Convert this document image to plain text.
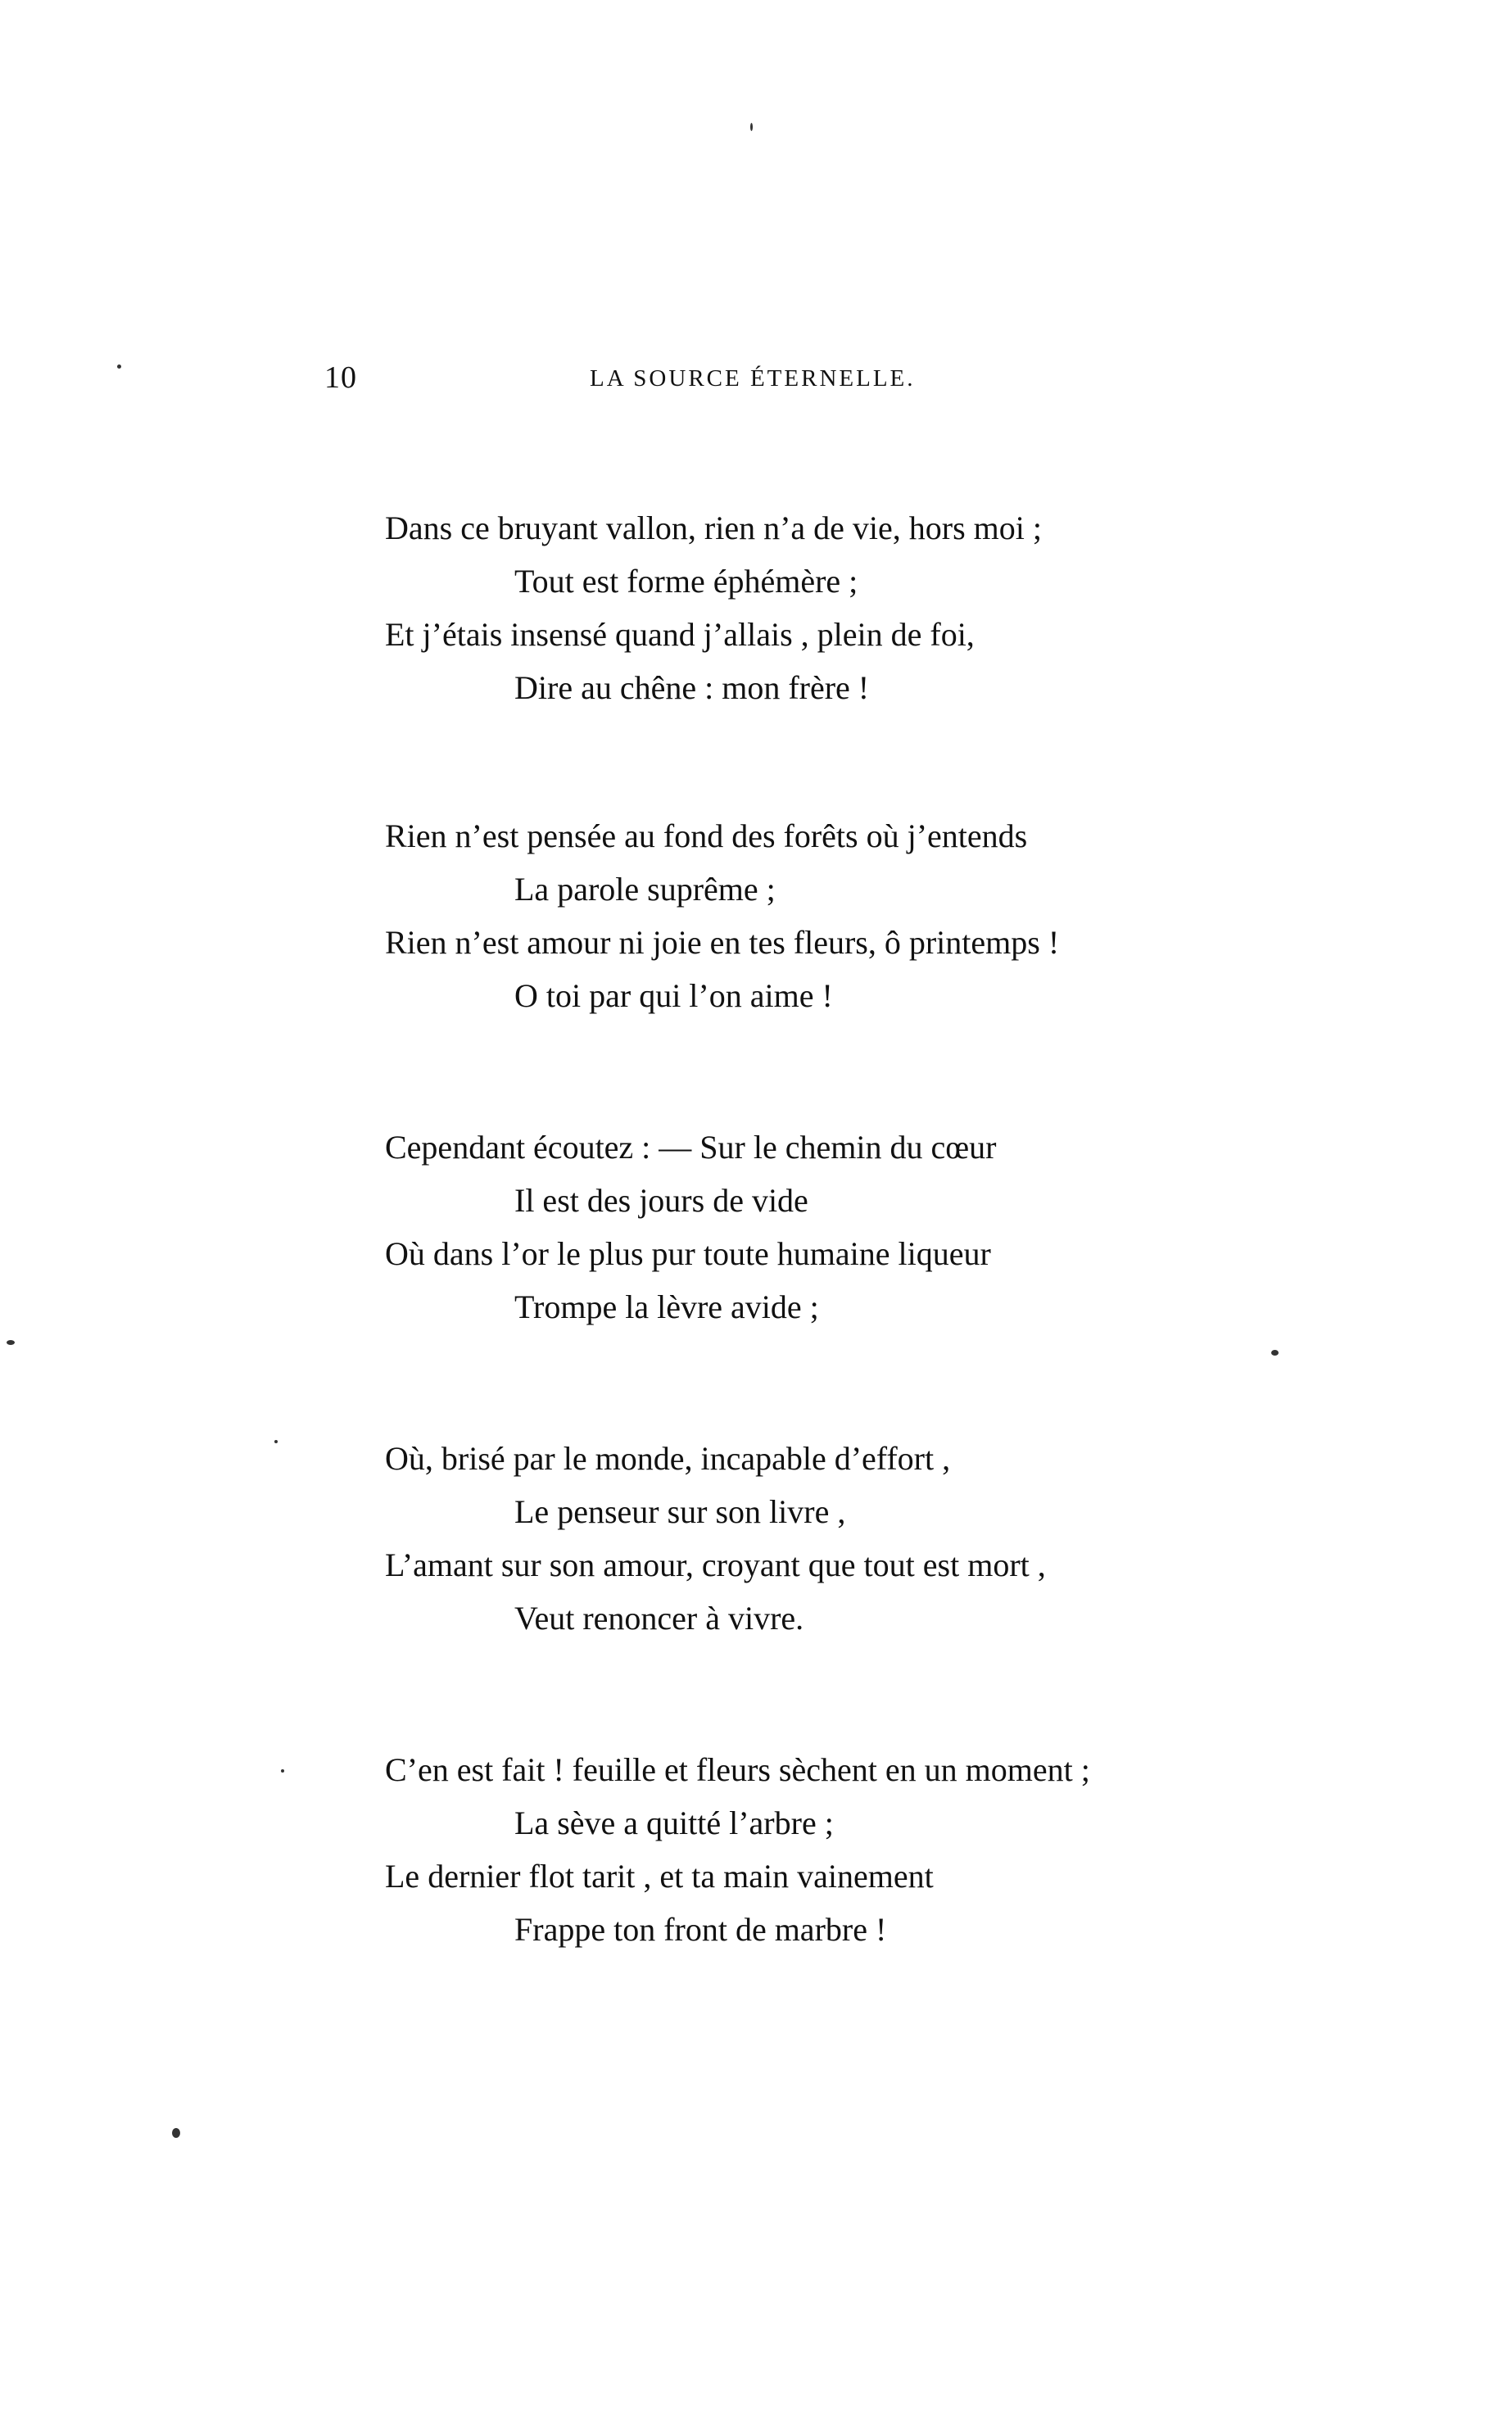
10	LA SOURCE ÉTERNELLE.
Dans ce bruyant vallon, rien n’a de vie, hors moi ;
Tout est forme éphémère ;
Et j’étais insensé quand j’allais , plein de foi,
Dire au chêne : mon frère !
Rien n’est pensée au fond des forêts où j’entends
La parole suprême ;
Rien n’est amour ni joie en tes fleurs, ô printemps !
O toi par qui l’on aime !
Cependant écoutez : — Sur le chemin du cœur
Il est des jours de vide
Où dans l’or le plus pur toute humaine liqueur
Trompe la lèvre avide ;
Où, brisé par le monde, incapable d’effort ,
Le penseur sur son livre ,
L’amant sur son amour, croyant que tout est mort ,
Veut renoncer à vivre.
C’en est fait ! feuille et fleurs sèchent en un moment ;
La sève a quitté l’arbre ;
Le dernier flot tarit , et ta main vainement
Frappe ton front de marbre !
